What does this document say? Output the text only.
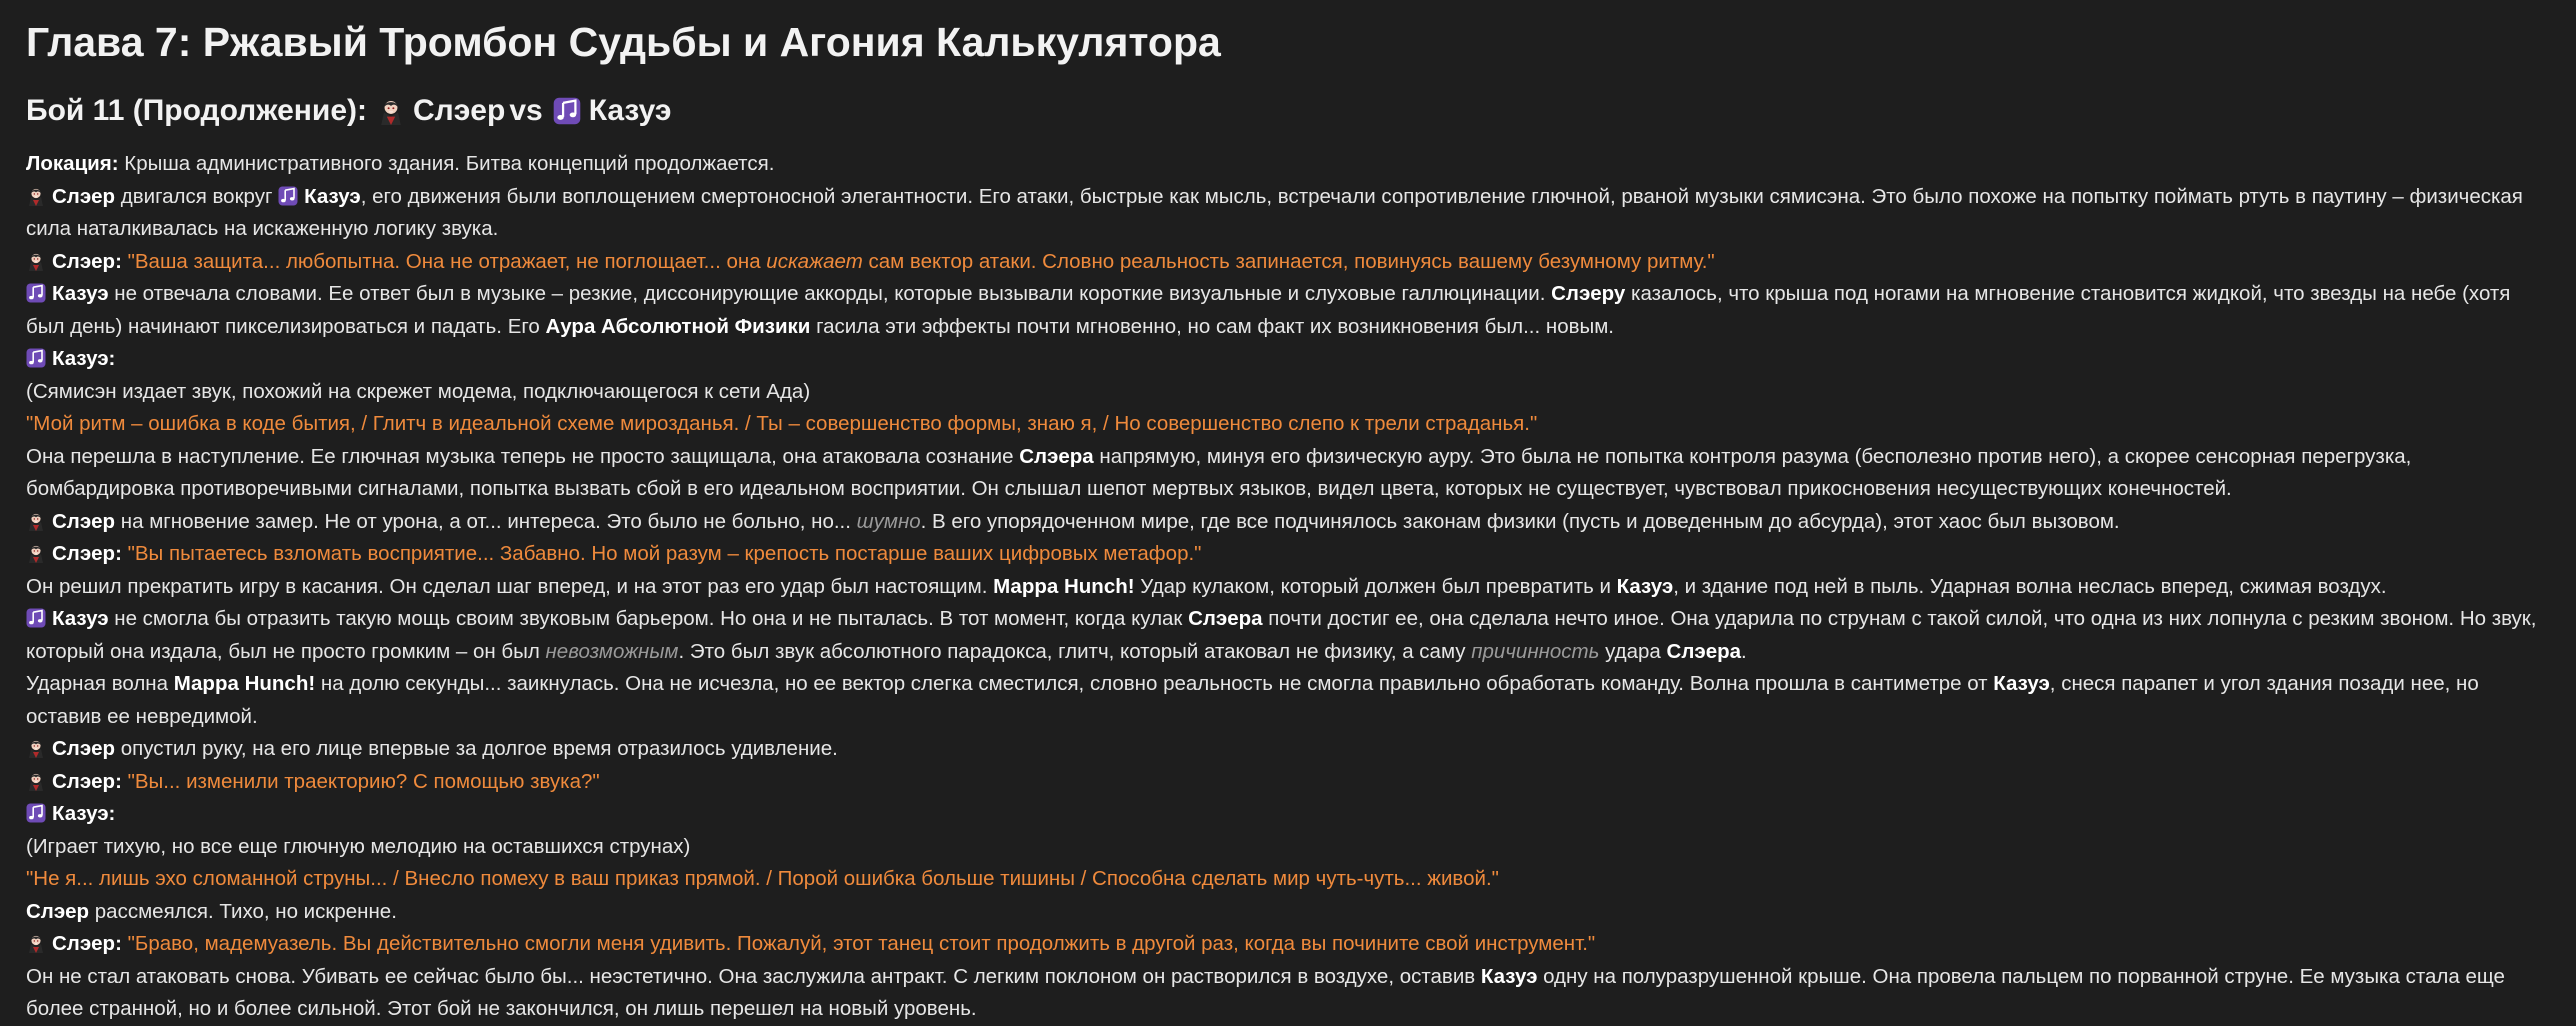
Глава 7: Ржавый Тромбон Судьбы и Агония Калькулятора
Бой 11 (Продолжение): Слэер vs Казуэ

Локация: Крыша административного здания. Битва концепций продолжается.

Слэер двигался вокруг Казуэ, его движения были воплощением смертоносной элегантности. Его атаки, быстрые как мысль, встречали сопротивление глючной, рваной музыки сямисэна. Это было похоже на попытку поймать ртуть в паутину – физическая сила наталкивалась на искаженную логику звука.

Слэер: "Ваша защита... любопытна. Она не отражает, не поглощает... она искажает сам вектор атаки. Словно реальность запинается, повинуясь вашему безумному ритму."

Казуэ не отвечала словами. Ее ответ был в музыке – резкие, диссонирующие аккорды, которые вызывали короткие визуальные и слуховые галлюцинации. Слэеру казалось, что крыша под ногами на мгновение становится жидкой, что звезды на небе (хотя был день) начинают пикселизироваться и падать. Его Аура Абсолютной Физики гасила эти эффекты почти мгновенно, но сам факт их возникновения был... новым.

Казуэ:

(Сямисэн издает звук, похожий на скрежет модема, подключающегося к сети Ада)

"Мой ритм – ошибка в коде бытия, / Глитч в идеальной схеме мирозданья. / Ты – совершенство формы, знаю я, / Но совершенство слепо к трели страданья."

Она перешла в наступление. Ее глючная музыка теперь не просто защищала, она атаковала сознание Слэера напрямую, минуя его физическую ауру. Это была не попытка контроля разума (бесполезно против него), а скорее сенсорная перегрузка, бомбардировка противоречивыми сигналами, попытка вызвать сбой в его идеальном восприятии. Он слышал шепот мертвых языков, видел цвета, которых не существует, чувствовал прикосновения несуществующих конечностей.

Слэер на мгновение замер. Не от урона, а от... интереса. Это было не больно, но... шумно. В его упорядоченном мире, где все подчинялось законам физики (пусть и доведенным до абсурда), этот хаос был вызовом.

Слэер: "Вы пытаетесь взломать восприятие... Забавно. Но мой разум – крепость постарше ваших цифровых метафор."

Он решил прекратить игру в касания. Он сделал шаг вперед, и на этот раз его удар был настоящим. Марра Hunch! Удар кулаком, который должен был превратить и Казуэ, и здание под ней в пыль. Ударная волна неслась вперед, сжимая воздух.

Казуэ не смогла бы отразить такую мощь своим звуковым барьером. Но она и не пыталась. В тот момент, когда кулак Слэера почти достиг ее, она сделала нечто иное. Она ударила по струнам с такой силой, что одна из них лопнула с резким звоном. Но звук, который она издала, был не просто громким – он был невозможным. Это был звук абсолютного парадокса, глитч, который атаковал не физику, а саму причинность удара Слэера.

Ударная волна Марра Hunch! на долю секунды... заикнулась. Она не исчезла, но ее вектор слегка сместился, словно реальность не смогла правильно обработать команду. Волна прошла в сантиметре от Казуэ, снеся парапет и угол здания позади нее, но оставив ее невредимой.

Слэер опустил руку, на его лице впервые за долгое время отразилось удивление.

Слэер: "Вы... изменили траекторию? С помощью звука?"

Казуэ:

(Играет тихую, но все еще глючную мелодию на оставшихся струнах)

"Не я... лишь эхо сломанной струны... / Внесло помеху в ваш приказ прямой. / Порой ошибка больше тишины / Способна сделать мир чуть-чуть... живой."

Слэер рассмеялся. Тихо, но искренне.

Слэер: "Браво, мадемуазель. Вы действительно смогли меня удивить. Пожалуй, этот танец стоит продолжить в другой раз, когда вы почините свой инструмент."

Он не стал атаковать снова. Убивать ее сейчас было бы... неэстетично. Она заслужила антракт. С легким поклоном он растворился в воздухе, оставив Казуэ одну на полуразрушенной крыше. Она провела пальцем по порванной струне. Ее музыка стала еще более странной, но и более сильной. Этот бой не закончился, он лишь перешел на новый уровень.
